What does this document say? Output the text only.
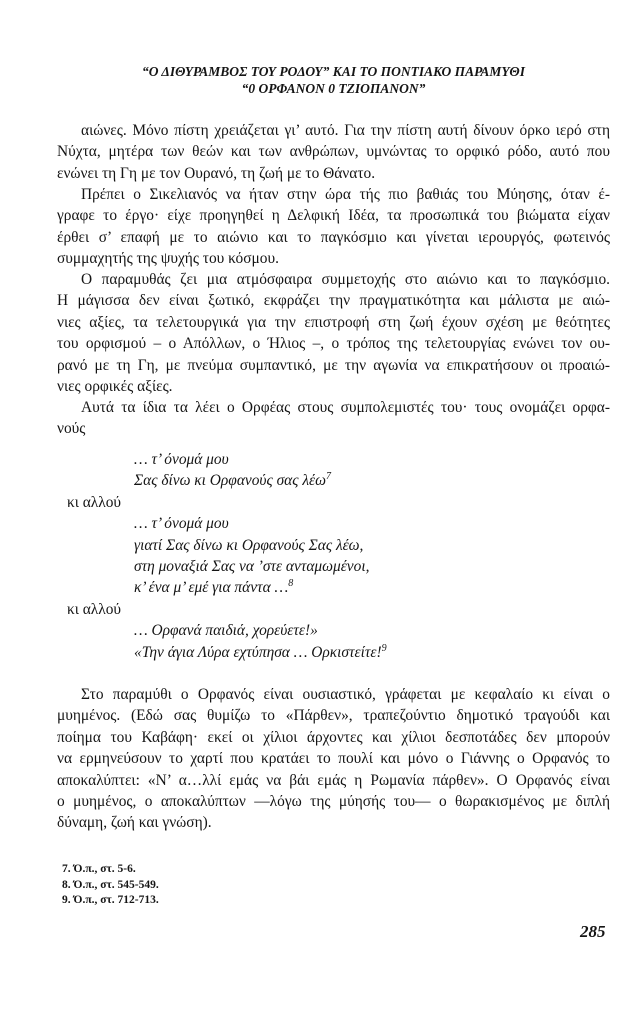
“Ο ΔΙΘΥΡΑΜΒΟΣ ΤΟΥ ΡΟΔΟΥ” ΚΑΙ ΤΟ ΠΟΝΤΙΑΚΟ ΠΑΡΑΜΥΘΙ
“0 ΟΡΦΑΝΟΝ 0 ΤΖΙΟΠΑΝΟΝ”
285
αιώνες. Μόνο πίστη χρειάζεται γι’ αυτό. Για την πίστη αυτή δίνουν όρκο ιερό στη
Νύχτα, μητέρα των θεών και των ανθρώπων, υμνώντας το ορφικό ρόδο, αυτό που
ενώνει τη Γη με τον Ουρανό, τη ζωή με το Θάνατο.
Πρέπει ο Σικελιανός να ήταν στην ώρα τής πιο βαθιάς του Μύησης, όταν έ-
γραφε το έργο· είχε προηγηθεί η Δελφική Ιδέα, τα προσωπικά του βιώματα είχαν
έρθει σ’ επαφή με το αιώνιο και το παγκόσμιο και γίνεται ιερουργός, φωτεινός
συμμαχητής της ψυχής του κόσμου.
Ο παραμυθάς ζει μια ατμόσφαιρα συμμετοχής στο αιώνιο και το παγκόσμιο.
Η μάγισσα δεν είναι ξωτικό, εκφράζει την πραγματικότητα και μάλιστα με αιώ-
νιες αξίες, τα τελετουργικά για την επιστροφή στη ζωή έχουν σχέση με θεότητες
του ορφισμού – ο Απόλλων, ο Ήλιος –, ο τρόπος της τελετουργίας ενώνει τον ου-
ρανό με τη Γη, με πνεύμα συμπαντικό, με την αγωνία να επικρατήσουν οι προαιώ-
νιες ορφικές αξίες.
Αυτά τα ίδια τα λέει ο Ορφέας στους συμπολεμιστές του· τους ονομάζει ορφα-
νούς
… τ’ όνομά μου
Σας δίνω κι Ορφανούς σας λέω$^7$
κι αλλού
… τ’ όνομά μου
γιατί Σας δίνω κι Ορφανούς Σας λέω,
στη μοναξιά Σας να ’στε ανταμωμένοι,
κ’ ένα μ’ εμέ για πάντα …$^8$
κι αλλού
… Ορφανά παιδιά, χορεύετε!»
«Την άγια Λύρα εχτύπησα … Ορκιστείτε!$^9$
Στο παραμύθι ο Ορφανός είναι ουσιαστικό, γράφεται με κεφαλαίο κι είναι ο
μυημένος. (Εδώ σας θυμίζω το «Πάρθεν», τραπεζούντιο δημοτικό τραγούδι και
ποίημα του Καβάφη· εκεί οι χίλιοι άρχοντες και χίλιοι δεσποτάδες δεν μπορούν
να ερμηνεύσουν το χαρτί που κρατάει το πουλί και μόνο ο Γιάννης ο Ορφανός το
αποκαλύπτει: «Ν’ α…λλί εμάς να βάι εμάς η Ρωμανία πάρθεν». Ο Ορφανός είναι
ο μυημένος, ο αποκαλύπτων —λόγω της μύησής του— ο θωρακισμένος με διπλή
δύναμη, ζωή και γνώση).
7. Ό.π., στ. 5-6.
8. Ό.π., στ. 545-549.
9. Ό.π., στ. 712-713.
